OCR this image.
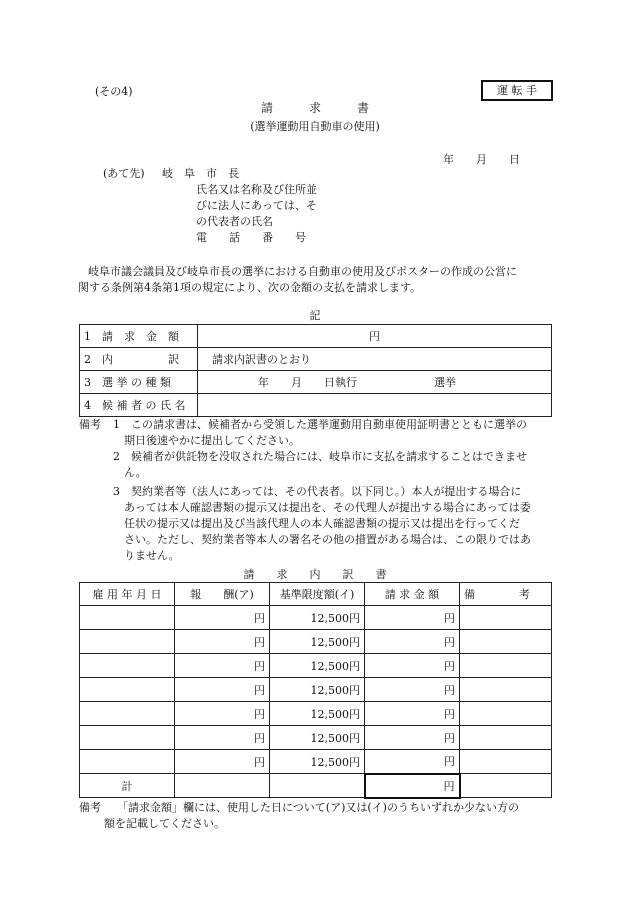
(その4)	運 転 手
請　　　求　　　書
(選挙運動用自動車の使用)
年　　月　　日
(あて先) 岐　阜　市　長
氏名又は名称及び住所並
びに法人にあっては、そ
の代表者の氏名
電　　話　　番　　号
岐阜市議会議員及び岐阜市長の選挙における自動車の使用及びポスターの作成の公営に
関する条例第4条第1項の規定により、次の金額の支払を請求します。
記
1　請　求　金　額	円
2　内　　　　　訳	請求内訳書のとおり
3　選 挙 の 種 類	年　　月　　日執行　　　　　　　選挙
4　候 補 者 の 氏 名	
備考 1　この請求書は、候補者から受領した選挙運動用自動車使用証明書とともに選挙の
期日後速やかに提出してください。
2　候補者が供託物を没収された場合には、岐阜市に支払を請求することはできませ
ん。
3　契約業者等（法人にあっては、その代表者。以下同じ。）本人が提出する場合に
あっては本人確認書類の提示又は提出を、その代理人が提出する場合にあっては委
任状の提示又は提出及び当該代理人の本人確認書類の提示又は提出を行ってくだ
さい。ただし、契約業者等本人の署名その他の措置がある場合は、この限りではあ
りません。
請　　求　　内　　訳　　書
雇 用 年 月 日	報　　酬(ア)	基準限度額(イ)	請 求 金 額	備　　　　考
	円	12,500円	円	
	円	12,500円	円	
	円	12,500円	円	
	円	12,500円	円	
	円	12,500円	円	
	円	12,500円	円	
	円	12,500円	円	
計			円	
備考 「請求金額」欄には、使用した日について(ア)又は(イ)のうちいずれか少ない方の
額を記載してください。
